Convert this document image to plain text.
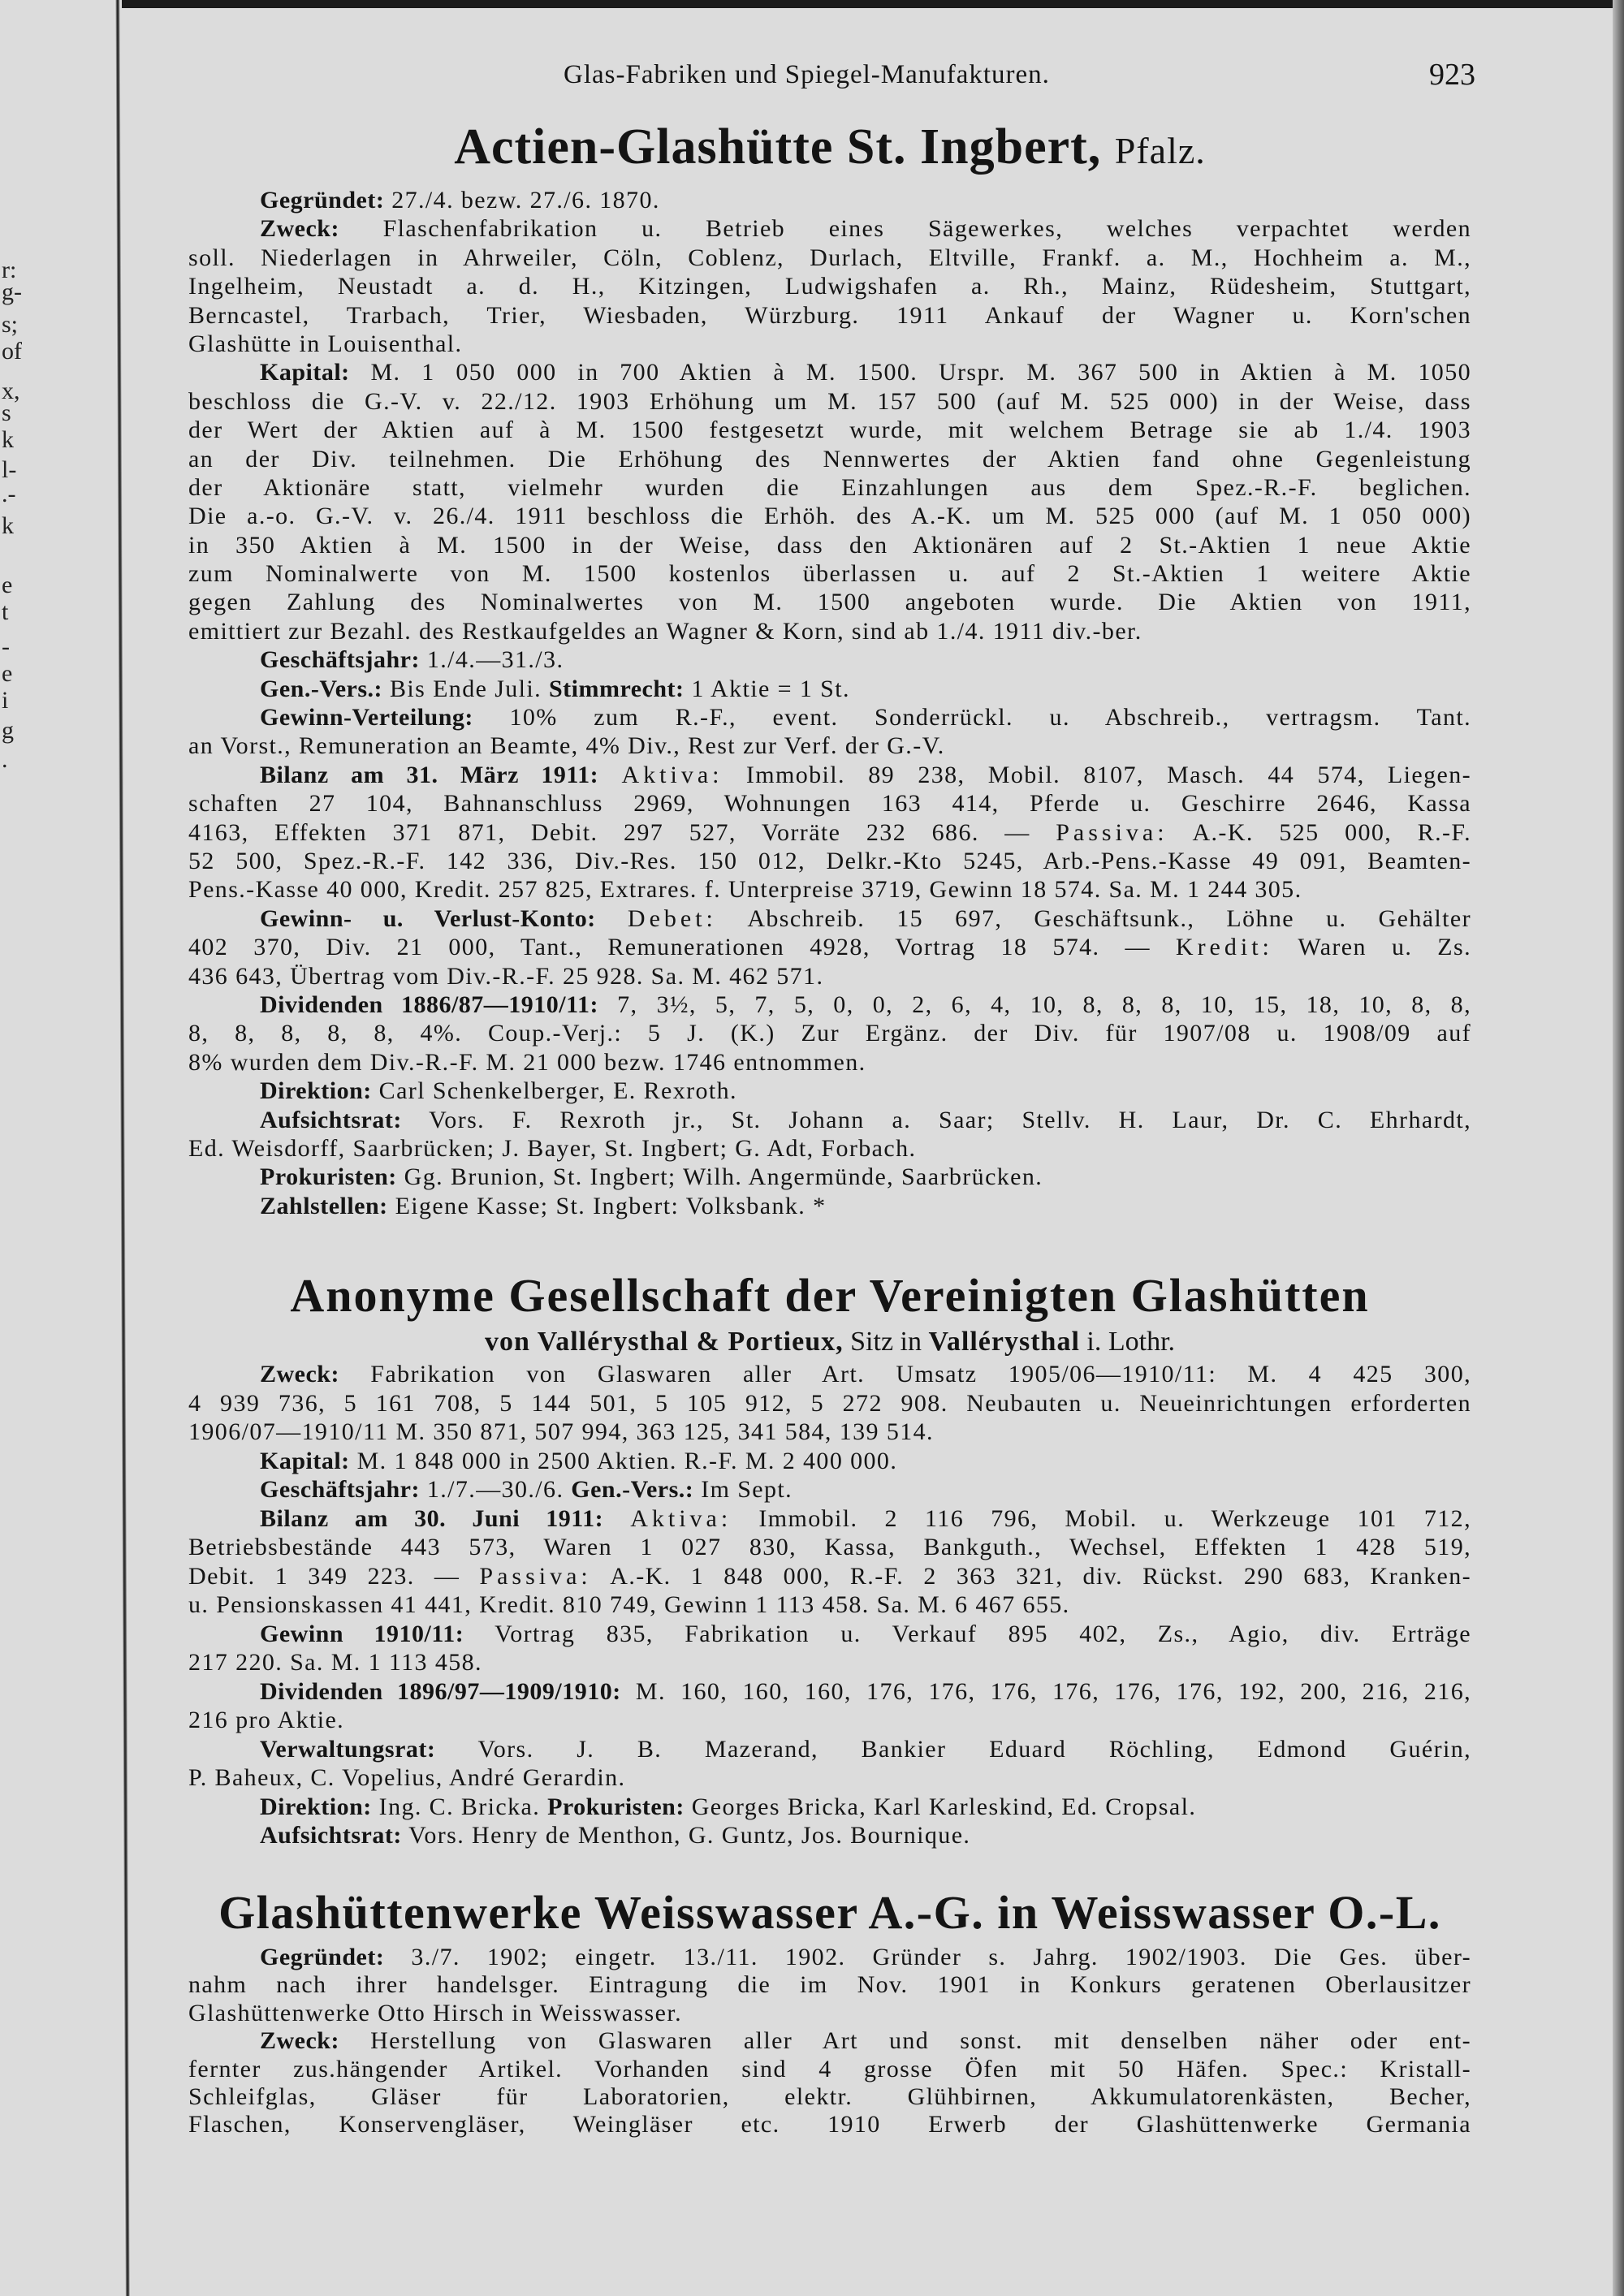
r:
g-
s;
of
x,
s
k
l-
.-
k
e
t
-
e
i
g
.
Glas-Fabriken und Spiegel-Manufakturen.	923
Actien-Glashütte St. Ingbert, Pfalz.
Gegründet: 27./4. bezw. 27./6. 1870.
Zweck: Flaschenfabrikation u. Betrieb eines Sägewerkes, welches verpachtet werden
soll. Niederlagen in Ahrweiler, Cöln, Coblenz, Durlach, Eltville, Frankf. a. M., Hochheim a. M.,
Ingelheim, Neustadt a. d. H., Kitzingen, Ludwigshafen a. Rh., Mainz, Rüdesheim, Stuttgart,
Berncastel, Trarbach, Trier, Wiesbaden, Würzburg. 1911 Ankauf der Wagner u. Korn'schen
Glashütte in Louisenthal.
Kapital: M. 1 050 000 in 700 Aktien à M. 1500. Urspr. M. 367 500 in Aktien à M. 1050
beschloss die G.-V. v. 22./12. 1903 Erhöhung um M. 157 500 (auf M. 525 000) in der Weise, dass
der Wert der Aktien auf à M. 1500 festgesetzt wurde, mit welchem Betrage sie ab 1./4. 1903
an der Div. teilnehmen. Die Erhöhung des Nennwertes der Aktien fand ohne Gegenleistung
der Aktionäre statt, vielmehr wurden die Einzahlungen aus dem Spez.-R.-F. beglichen.
Die a.-o. G.-V. v. 26./4. 1911 beschloss die Erhöh. des A.-K. um M. 525 000 (auf M. 1 050 000)
in 350 Aktien à M. 1500 in der Weise, dass den Aktionären auf 2 St.-Aktien 1 neue Aktie
zum Nominalwerte von M. 1500 kostenlos überlassen u. auf 2 St.-Aktien 1 weitere Aktie
gegen Zahlung des Nominalwertes von M. 1500 angeboten wurde. Die Aktien von 1911,
emittiert zur Bezahl. des Restkaufgeldes an Wagner & Korn, sind ab 1./4. 1911 div.-ber.
Geschäftsjahr: 1./4.—31./3.
Gen.-Vers.: Bis Ende Juli. Stimmrecht: 1 Aktie = 1 St.
Gewinn-Verteilung: 10% zum R.-F., event. Sonderrückl. u. Abschreib., vertragsm. Tant.
an Vorst., Remuneration an Beamte, 4% Div., Rest zur Verf. der G.-V.
Bilanz am 31. März 1911: Aktiva: Immobil. 89 238, Mobil. 8107, Masch. 44 574, Liegen-
schaften 27 104, Bahnanschluss 2969, Wohnungen 163 414, Pferde u. Geschirre 2646, Kassa
4163, Effekten 371 871, Debit. 297 527, Vorräte 232 686. — Passiva: A.-K. 525 000, R.-F.
52 500, Spez.-R.-F. 142 336, Div.-Res. 150 012, Delkr.-Kto 5245, Arb.-Pens.-Kasse 49 091, Beamten-
Pens.-Kasse 40 000, Kredit. 257 825, Extrares. f. Unterpreise 3719, Gewinn 18 574. Sa. M. 1 244 305.
Gewinn- u. Verlust-Konto: Debet: Abschreib. 15 697, Geschäftsunk., Löhne u. Gehälter
402 370, Div. 21 000, Tant., Remunerationen 4928, Vortrag 18 574. — Kredit: Waren u. Zs.
436 643, Übertrag vom Div.-R.-F. 25 928. Sa. M. 462 571.
Dividenden 1886/87—1910/11: 7, 3½, 5, 7, 5, 0, 0, 2, 6, 4, 10, 8, 8, 8, 10, 15, 18, 10, 8, 8,
8, 8, 8, 8, 8, 4%. Coup.-Verj.: 5 J. (K.) Zur Ergänz. der Div. für 1907/08 u. 1908/09 auf
8% wurden dem Div.-R.-F. M. 21 000 bezw. 1746 entnommen.
Direktion: Carl Schenkelberger, E. Rexroth.
Aufsichtsrat: Vors. F. Rexroth jr., St. Johann a. Saar; Stellv. H. Laur, Dr. C. Ehrhardt,
Ed. Weisdorff, Saarbrücken; J. Bayer, St. Ingbert; G. Adt, Forbach.
Prokuristen: Gg. Brunion, St. Ingbert; Wilh. Angermünde, Saarbrücken.
Zahlstellen: Eigene Kasse; St. Ingbert: Volksbank. *
Anonyme Gesellschaft der Vereinigten Glashütten
von Vallérysthal & Portieux, Sitz in Vallérysthal i. Lothr.
Zweck: Fabrikation von Glaswaren aller Art. Umsatz 1905/06—1910/11: M. 4 425 300,
4 939 736, 5 161 708, 5 144 501, 5 105 912, 5 272 908. Neubauten u. Neueinrichtungen erforderten
1906/07—1910/11 M. 350 871, 507 994, 363 125, 341 584, 139 514.
Kapital: M. 1 848 000 in 2500 Aktien. R.-F. M. 2 400 000.
Geschäftsjahr: 1./7.—30./6. Gen.-Vers.: Im Sept.
Bilanz am 30. Juni 1911: Aktiva: Immobil. 2 116 796, Mobil. u. Werkzeuge 101 712,
Betriebsbestände 443 573, Waren 1 027 830, Kassa, Bankguth., Wechsel, Effekten 1 428 519,
Debit. 1 349 223. — Passiva: A.-K. 1 848 000, R.-F. 2 363 321, div. Rückst. 290 683, Kranken-
u. Pensionskassen 41 441, Kredit. 810 749, Gewinn 1 113 458. Sa. M. 6 467 655.
Gewinn 1910/11: Vortrag 835, Fabrikation u. Verkauf 895 402, Zs., Agio, div. Erträge
217 220. Sa. M. 1 113 458.
Dividenden 1896/97—1909/1910: M. 160, 160, 160, 176, 176, 176, 176, 176, 176, 192, 200, 216, 216,
216 pro Aktie.
Verwaltungsrat: Vors. J. B. Mazerand, Bankier Eduard Röchling, Edmond Guérin,
P. Baheux, C. Vopelius, André Gerardin.
Direktion: Ing. C. Bricka. Prokuristen: Georges Bricka, Karl Karleskind, Ed. Cropsal.
Aufsichtsrat: Vors. Henry de Menthon, G. Guntz, Jos. Bournique.
Glashüttenwerke Weisswasser A.-G. in Weisswasser O.-L.
Gegründet: 3./7. 1902; eingetr. 13./11. 1902. Gründer s. Jahrg. 1902/1903. Die Ges. über-
nahm nach ihrer handelsger. Eintragung die im Nov. 1901 in Konkurs geratenen Oberlausitzer
Glashüttenwerke Otto Hirsch in Weisswasser.
Zweck: Herstellung von Glaswaren aller Art und sonst. mit denselben näher oder ent-
fernter zus.hängender Artikel. Vorhanden sind 4 grosse Öfen mit 50 Häfen. Spec.: Kristall-
Schleifglas, Gläser für Laboratorien, elektr. Glühbirnen, Akkumulatorenkästen, Becher,
Flaschen, Konservengläser, Weingläser etc. 1910 Erwerb der Glashüttenwerke Germania
